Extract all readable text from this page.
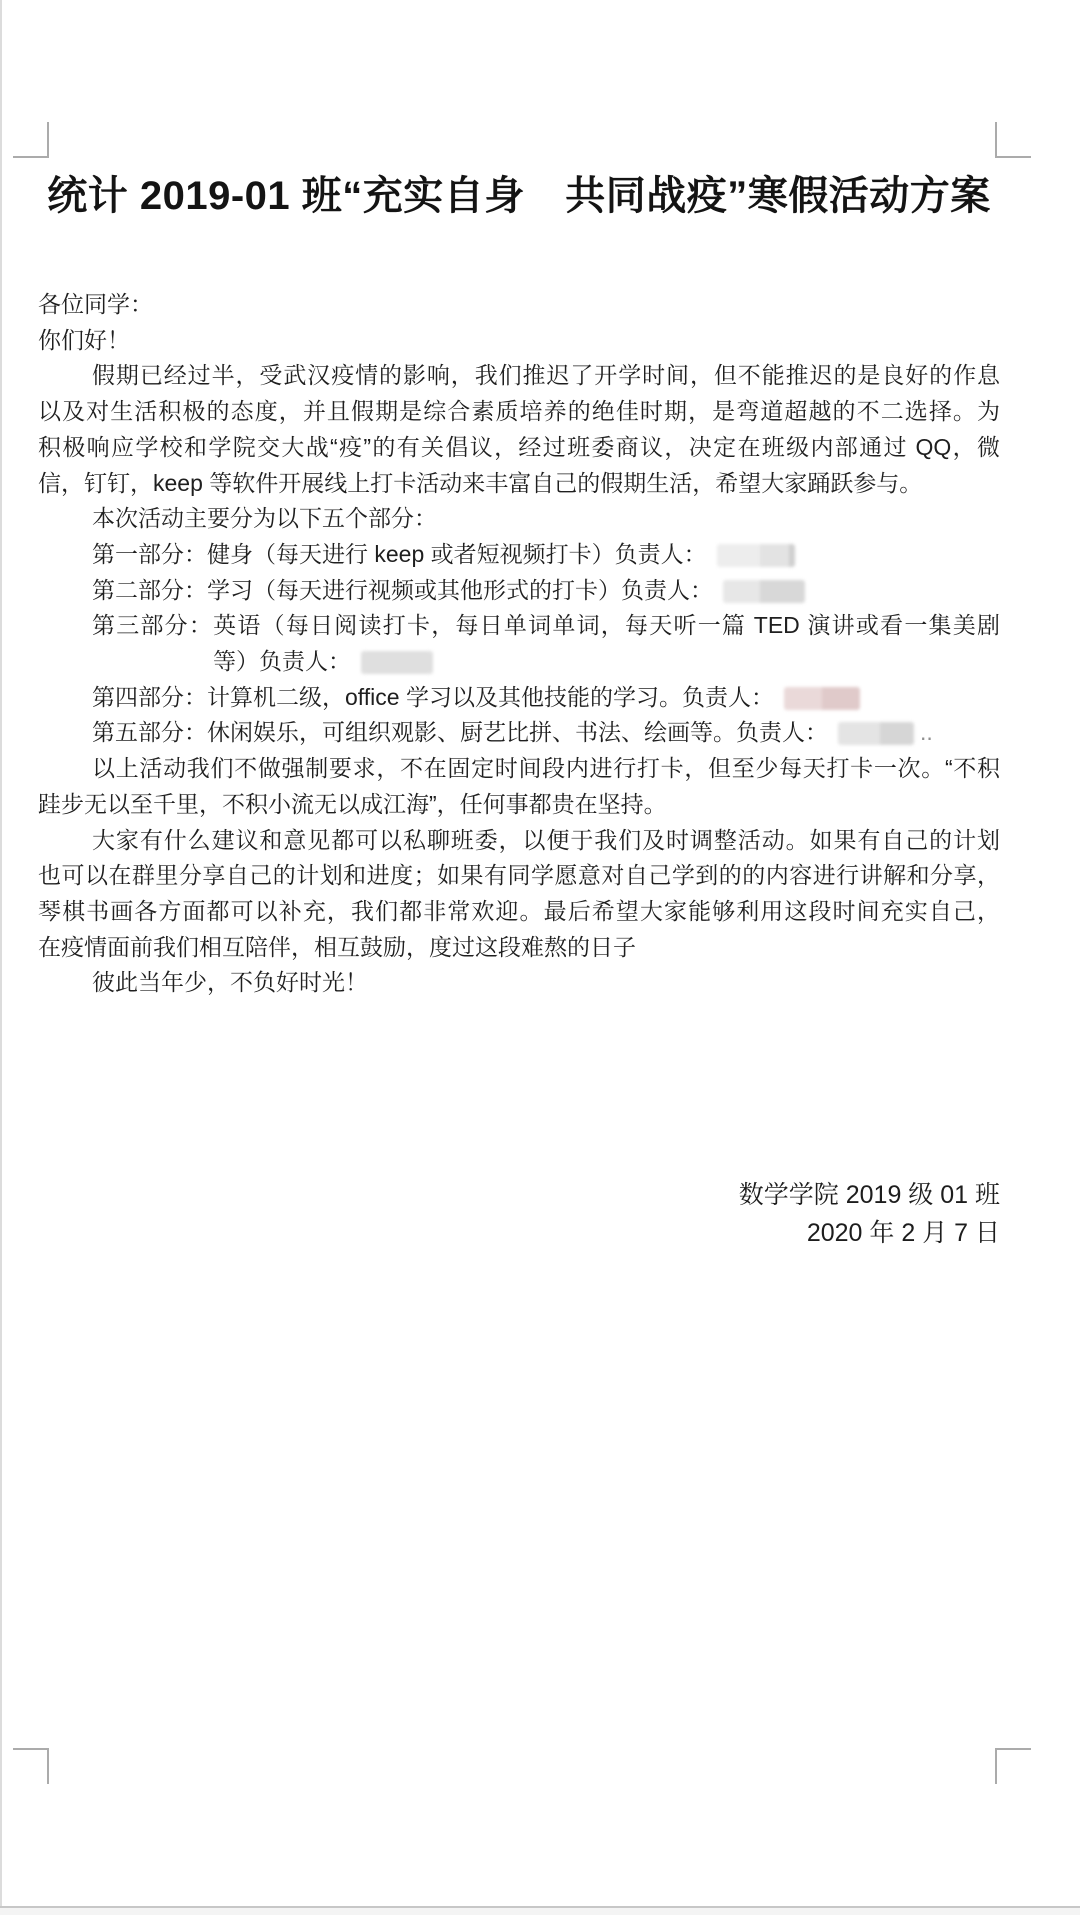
统计 2019-01 班“充实自身　共同战疫”寒假活动方案
各位同学：
你们好！
假期已经过半，受武汉疫情的影响，我们推迟了开学时间，但不能推迟的是良好的作息
以及对生活积极的态度，并且假期是综合素质培养的绝佳时期，是弯道超越的不二选择。为
积极响应学校和学院交大战“疫”的有关倡议，经过班委商议，决定在班级内部通过 QQ，微
信，钉钉，keep 等软件开展线上打卡活动来丰富自己的假期生活，希望大家踊跃参与。
本次活动主要分为以下五个部分：
第一部分：健身（每天进行 keep 或者短视频打卡）负责人：
第二部分：学习（每天进行视频或其他形式的打卡）负责人：
第三部分：英语（每日阅读打卡，每日单词单词，每天听一篇 TED 演讲或看一集美剧
等）负责人：
第四部分：计算机二级，office 学习以及其他技能的学习。负责人：
第五部分：休闲娱乐，可组织观影、厨艺比拼、书法、绘画等。负责人：	..
以上活动我们不做强制要求，不在固定时间段内进行打卡，但至少每天打卡一次。“不积
跬步无以至千里，不积小流无以成江海”，任何事都贵在坚持。
大家有什么建议和意见都可以私聊班委，以便于我们及时调整活动。如果有自己的计划
也可以在群里分享自己的计划和进度；如果有同学愿意对自己学到的的内容进行讲解和分享，
琴棋书画各方面都可以补充，我们都非常欢迎。最后希望大家能够利用这段时间充实自己，
在疫情面前我们相互陪伴，相互鼓励，度过这段难熬的日子
彼此当年少，不负好时光！
数学学院 2019 级 01 班
2020 年 2 月 7 日
